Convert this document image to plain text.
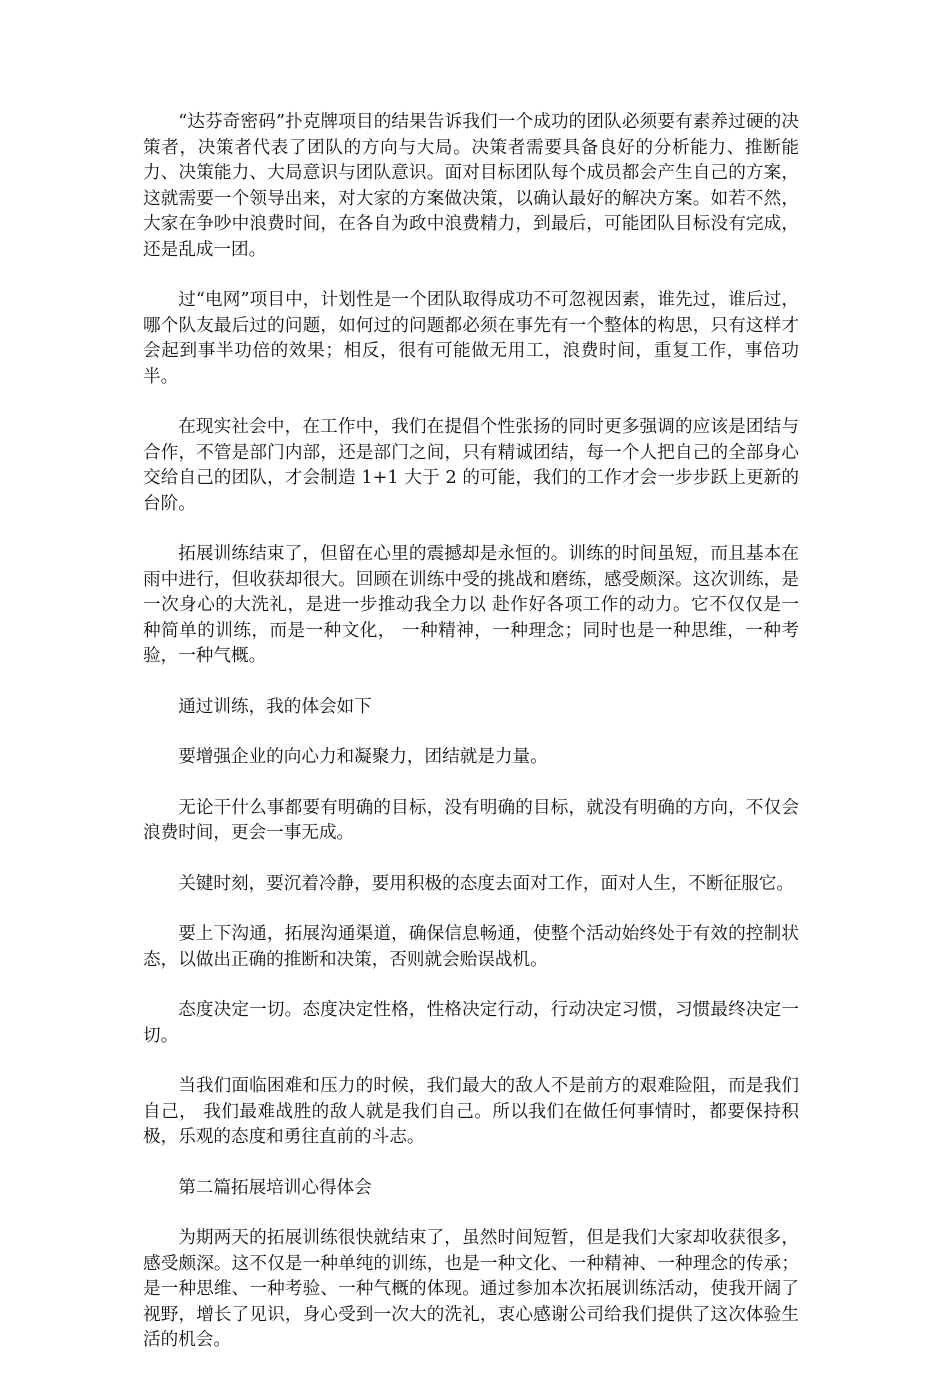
“达芬奇密码”扑克牌项目的结果告诉我们一个成功的团队必须要有素养过硬的决策者，决策者代表了团队的方向与大局。决策者需要具备良好的分析能力、推断能力、决策能力、大局意识与团队意识。面对目标团队每个成员都会产生自己的方案，这就需要一个领导出来，对大家的方案做决策，以确认最好的解决方案。如若不然，大家在争吵中浪费时间，在各自为政中浪费精力，到最后，可能团队目标没有完成，还是乱成一团。

过“电网”项目中，计划性是一个团队取得成功不可忽视因素，谁先过，谁后过，哪个队友最后过的问题，如何过的问题都必须在事先有一个整体的构思，只有这样才会起到事半功倍的效果；相反，很有可能做无用工，浪费时间，重复工作，事倍功半。

在现实社会中，在工作中，我们在提倡个性张扬的同时更多强调的应该是团结与合作，不管是部门内部，还是部门之间，只有精诚团结，每一个人把自己的全部身心交给自己的团队，才会制造 1+1 大于 2 的可能，我们的工作才会一步步跃上更新的台阶。

拓展训练结束了，但留在心里的震撼却是永恒的。训练的时间虽短，而且基本在雨中进行，但收获却很大。回顾在训练中受的挑战和磨练，感受颇深。这次训练，是一次身心的大洗礼，是进一步推动我全力以 赴作好各项工作的动力。它不仅仅是一种简单的训练，而是一种文化， 一种精神，一种理念；同时也是一种思维，一种考验，一种气概。

通过训练，我的体会如下

要增强企业的向心力和凝聚力，团结就是力量。

无论干什么事都要有明确的目标，没有明确的目标，就没有明确的方向，不仅会浪费时间，更会一事无成。

关键时刻，要沉着冷静，要用积极的态度去面对工作，面对人生，不断征服它。

要上下沟通，拓展沟通渠道，确保信息畅通，使整个活动始终处于有效的控制状态，以做出正确的推断和决策，否则就会贻误战机。

态度决定一切。态度决定性格，性格决定行动，行动决定习惯，习惯最终决定一切。

当我们面临困难和压力的时候，我们最大的敌人不是前方的艰难险阻，而是我们自己， 我们最难战胜的敌人就是我们自己。所以我们在做任何事情时，都要保持积极，乐观的态度和勇往直前的斗志。

第二篇拓展培训心得体会

为期两天的拓展训练很快就结束了，虽然时间短暂，但是我们大家却收获很多，感受颇深。这不仅是一种单纯的训练，也是一种文化、一种精神、一种理念的传承；是一种思维、一种考验、一种气概的体现。通过参加本次拓展训练活动，使我开阔了视野，增长了见识，身心受到一次大的洗礼，衷心感谢公司给我们提供了这次体验生活的机会。
